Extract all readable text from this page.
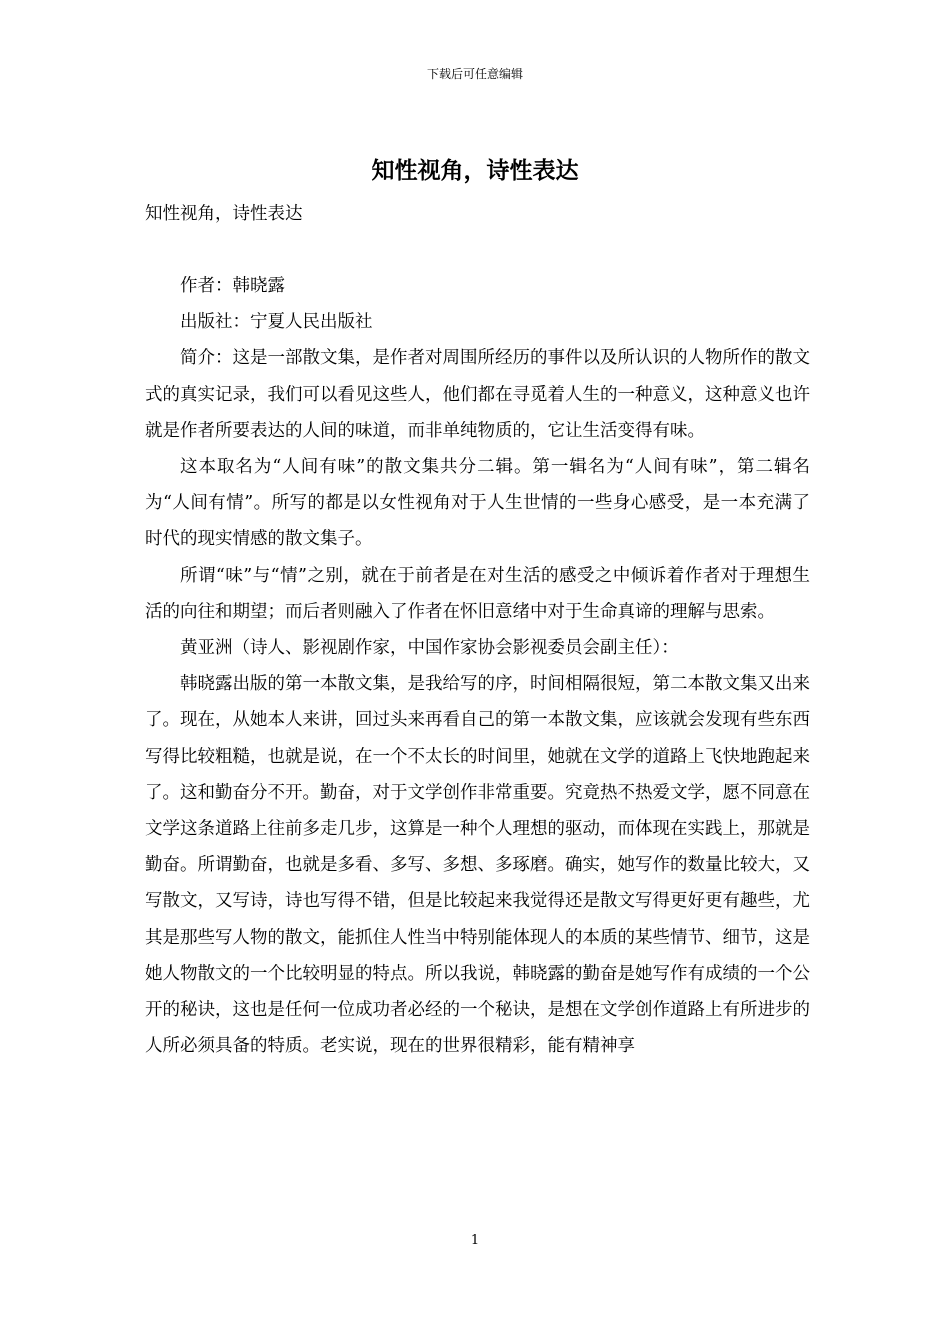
下载后可任意编辑
知性视角，诗性表达
知性视角，诗性表达

作者：韩晓露

出版社：宁夏人民出版社

简介：这是一部散文集，是作者对周围所经历的事件以及所认识的人物所作的散文式的真实记录，我们可以看见这些人，他们都在寻觅着人生的一种意义，这种意义也许就是作者所要表达的人间的味道，而非单纯物质的，它让生活变得有味。

这本取名为“人间有味”的散文集共分二辑。第一辑名为“人间有味”，第二辑名为“人间有情”。所写的都是以女性视角对于人生世情的一些身心感受，是一本充满了时代的现实情感的散文集子。

所谓“味”与“情”之别，就在于前者是在对生活的感受之中倾诉着作者对于理想生活的向往和期望；而后者则融入了作者在怀旧意绪中对于生命真谛的理解与思索。

黄亚洲（诗人、影视剧作家，中国作家协会影视委员会副主任）：

韩晓露出版的第一本散文集，是我给写的序，时间相隔很短，第二本散文集又出来了。现在，从她本人来讲，回过头来再看自己的第一本散文集，应该就会发现有些东西写得比较粗糙，也就是说，在一个不太长的时间里，她就在文学的道路上飞快地跑起来了。这和勤奋分不开。勤奋，对于文学创作非常重要。究竟热不热爱文学，愿不同意在文学这条道路上往前多走几步，这算是一种个人理想的驱动，而体现在实践上，那就是勤奋。所谓勤奋，也就是多看、多写、多想、多琢磨。确实，她写作的数量比较大，又写散文，又写诗，诗也写得不错，但是比较起来我觉得还是散文写得更好更有趣些，尤其是那些写人物的散文，能抓住人性当中特别能体现人的本质的某些情节、细节，这是她人物散文的一个比较明显的特点。所以我说，韩晓露的勤奋是她写作有成绩的一个公开的秘诀，这也是任何一位成功者必经的一个秘诀，是想在文学创作道路上有所进步的人所必须具备的特质。老实说，现在的世界很精彩，能有精神享

1
